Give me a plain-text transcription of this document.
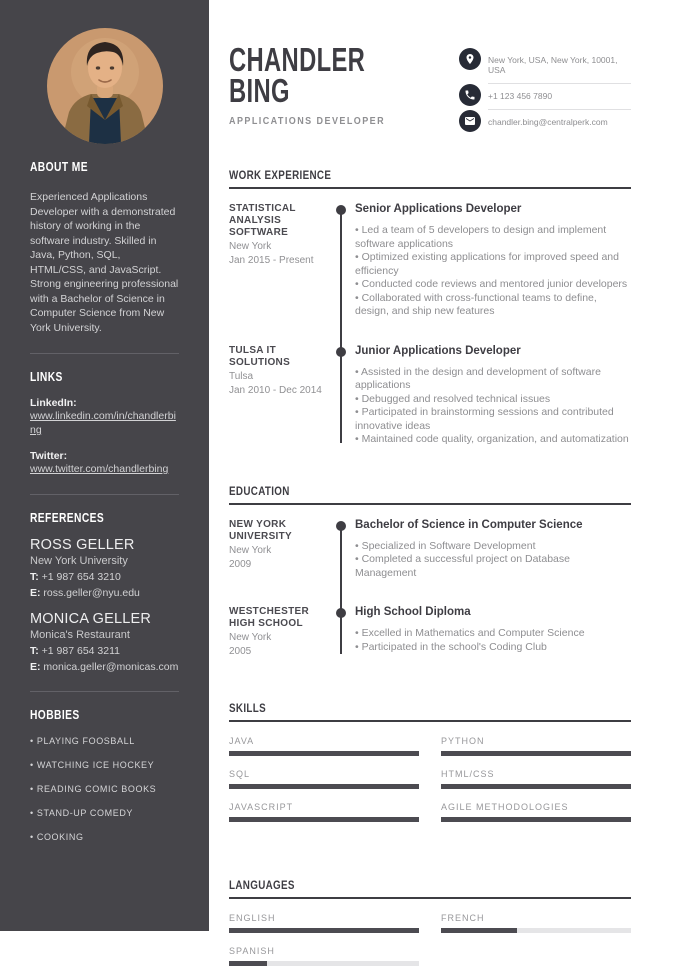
ABOUT ME

Experienced Applications Developer with a demonstrated history of working in the software industry. Skilled in Java, Python, SQL, HTML/CSS, and JavaScript. Strong engineering professional with a Bachelor of Science in Computer Science from New York University.

LINKS
LinkedIn:
www.linkedin.com/in/chandlerbing
Twitter:
www.twitter.com/chandlerbing
REFERENCES
ROSS GELLER
New York University
T: +1 987 654 3210
E: ross.geller@nyu.edu
MONICA GELLER
Monica's Restaurant
T: +1 987 654 3211
E: monica.geller@monicas.com
HOBBIES
• PLAYING FOOSBALL
• WATCHING ICE HOCKEY
• READING COMIC BOOKS
• STAND-UP COMEDY
• COOKING
CHANDLER
BING
APPLICATIONS DEVELOPER
New York, USA, New York, 10001, USA
+1 123 456 7890
chandler.bing@centralperk.com
WORK EXPERIENCE
STATISTICAL ANALYSIS SOFTWARE
New York
Jan 2015 - Present
Senior Applications Developer
• Led a team of 5 developers to design and implement software applications
• Optimized existing applications for improved speed and efficiency
• Conducted code reviews and mentored junior developers
• Collaborated with cross-functional teams to define, design, and ship new features
TULSA IT SOLUTIONS
Tulsa
Jan 2010 - Dec 2014
Junior Applications Developer
• Assisted in the design and development of software applications
• Debugged and resolved technical issues
• Participated in brainstorming sessions and contributed innovative ideas
• Maintained code quality, organization, and automatization
EDUCATION
NEW YORK UNIVERSITY
New York
2009
Bachelor of Science in Computer Science
• Specialized in Software Development
• Completed a successful project on Database Management
WESTCHESTER HIGH SCHOOL
New York
2005
High School Diploma
• Excelled in Mathematics and Computer Science
• Participated in the school's Coding Club
SKILLS
JAVA	PYTHON
SQL	HTML/CSS
JAVASCRIPT	AGILE METHODOLOGIES
LANGUAGES
ENGLISH	FRENCH
SPANISH
